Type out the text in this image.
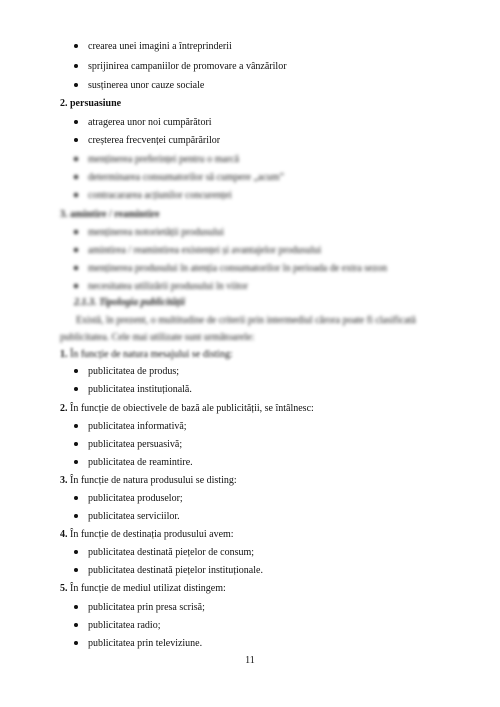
crearea unei imagini a întreprinderii
sprijinirea campaniilor de promovare a vânzărilor
susținerea unor cauze sociale
2. persuasiune
atragerea unor noi cumpărători
creșterea frecvenței cumpărărilor
menținerea preferinței pentru o marcă
determinarea consumatorilor să cumpere „acum”
contracararea acțiunilor concurenței
3. amintire / reamintire
menținerea notorietății produsului
amintirea / reamintirea existenței și avantajelor produsului
menținerea produsului în atenția consumatorilor în perioada de extra sezon
necesitatea utilizării produsului în viitor
2.1.3. Tipologia publicității
Există, în prezent, o multitudine de criterii prin intermediul cărora poate fi clasificată
publicitatea. Cele mai utilizate sunt următoarele:
1. În funcție de natura mesajului se disting:
publicitatea de produs;
publicitatea instituțională.
2. În funcție de obiectivele de bază ale publicității, se întâlnesc:
publicitatea informativă;
publicitatea persuasivă;
publicitatea de reamintire.
3. În funcție de natura produsului se disting:
publicitatea produselor;
publicitatea serviciilor.
4. În funcție de destinația produsului avem:
publicitatea destinată piețelor de consum;
publicitatea destinată piețelor instituționale.
5. În funcție de mediul utilizat distingem:
publicitatea prin presa scrisă;
publicitatea radio;
publicitatea prin televiziune.
11
